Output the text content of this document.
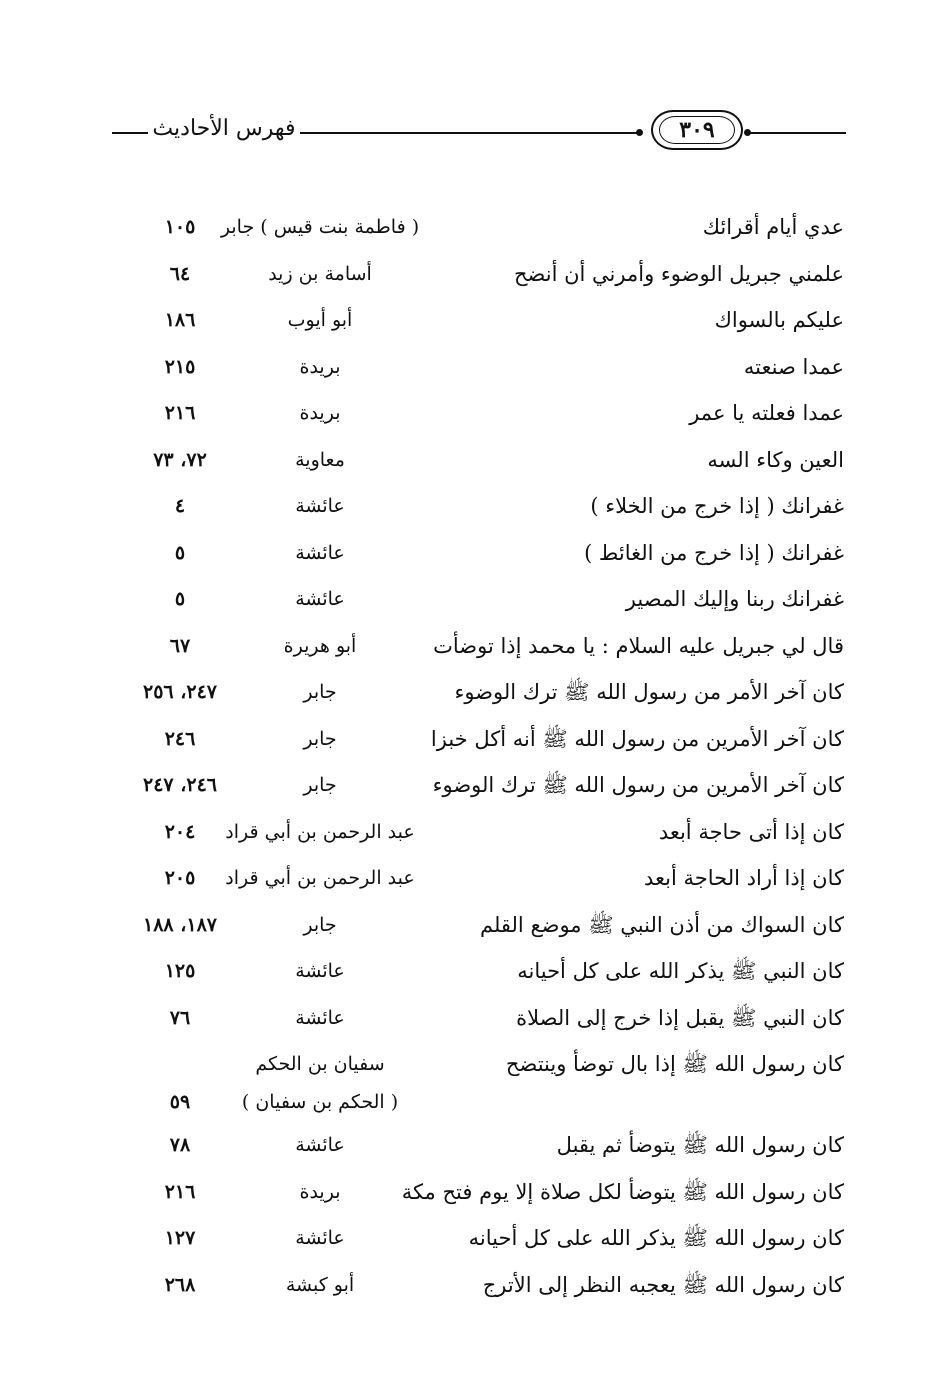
فهرس الأحاديث	٣٠٩
عدي أيام أقرائك
( فاطمة بنت قيس ) جابر
١٠٥
علمني جبريل الوضوء وأمرني أن أنضح
أسامة بن زيد
٦٤
عليكم بالسواك
أبو أيوب
١٨٦
عمدا صنعته
بريدة
٢١٥
عمدا فعلته يا عمر
بريدة
٢١٦
العين وكاء السه
معاوية
٧٢، ٧٣
غفرانك ( إذا خرج من الخلاء )
عائشة
٤
غفرانك ( إذا خرج من الغائط )
عائشة
٥
غفرانك ربنا وإليك المصير
عائشة
٥
قال لي جبريل عليه السلام : يا محمد إذا توضأت
أبو هريرة
٦٧
كان آخر الأمر من رسول الله ﷺ ترك الوضوء
جابر
٢٤٧، ٢٥٦
كان آخر الأمرين من رسول الله ﷺ أنه أكل خبزا
جابر
٢٤٦
كان آخر الأمرين من رسول الله ﷺ ترك الوضوء
جابر
٢٤٦، ٢٤٧
كان إذا أتى حاجة أبعد
عبد الرحمن بن أبي قراد
٢٠٤
كان إذا أراد الحاجة أبعد
عبد الرحمن بن أبي قراد
٢٠٥
كان السواك من أذن النبي ﷺ موضع القلم
جابر
١٨٧، ١٨٨
كان النبي ﷺ يذكر الله على كل أحيانه
عائشة
١٢٥
كان النبي ﷺ يقبل إذا خرج إلى الصلاة
عائشة
٧٦
كان رسول الله ﷺ إذا بال توضأ وينتضح
سفيان بن الحكم
( الحكم بن سفيان )
٥٩
كان رسول الله ﷺ يتوضأ ثم يقبل
عائشة
٧٨
كان رسول الله ﷺ يتوضأ لكل صلاة إلا يوم فتح مكة
بريدة
٢١٦
كان رسول الله ﷺ يذكر الله على كل أحيانه
عائشة
١٢٧
كان رسول الله ﷺ يعجبه النظر إلى الأترج
أبو كبشة
٢٦٨
